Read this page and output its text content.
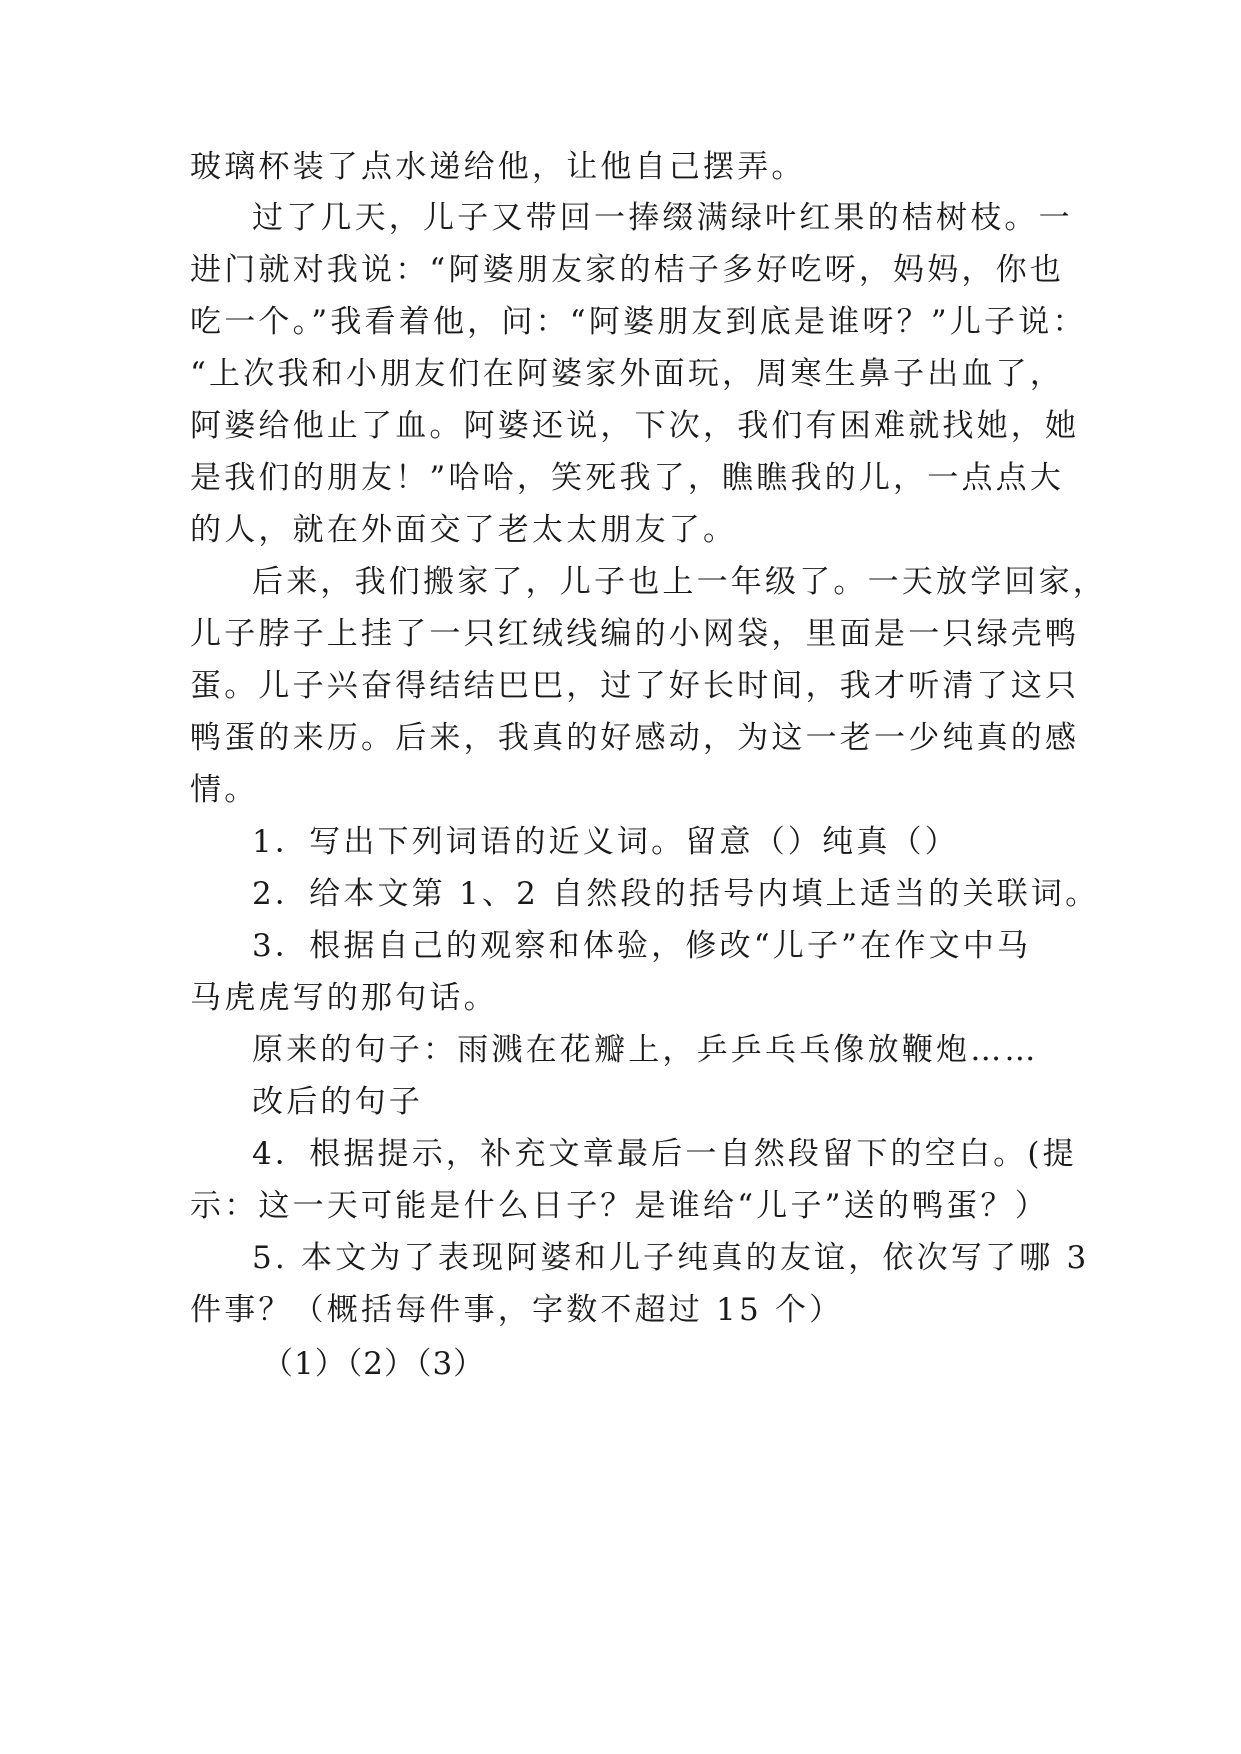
玻璃杯装了点水递给他，让他自己摆弄。
过了几天，儿子又带回一捧缀满绿叶红果的桔树枝。一
进门就对我说：“阿婆朋友家的桔子多好吃呀，妈妈，你也
吃一个。”我看着他，问：“阿婆朋友到底是谁呀？”儿子说：
“上次我和小朋友们在阿婆家外面玩，周寒生鼻子出血了，
阿婆给他止了血。阿婆还说，下次，我们有困难就找她，她
是我们的朋友！”哈哈，笑死我了，瞧瞧我的儿，一点点大
的人，就在外面交了老太太朋友了。
后来，我们搬家了，儿子也上一年级了。一天放学回家，
儿子脖子上挂了一只红绒线编的小网袋，里面是一只绿壳鸭
蛋。儿子兴奋得结结巴巴，过了好长时间，我才听清了这只
鸭蛋的来历。后来，我真的好感动，为这一老一少纯真的感
情。
1．写出下列词语的近义词。留意（）纯真（）
2．给本文第 1、2 自然段的括号内填上适当的关联词。
3．根据自己的观察和体验，修改“儿子”在作文中马
马虎虎写的那句话。
原来的句子：雨溅在花瓣上，乒乒乓乓像放鞭炮……
改后的句子
4．根据提示，补充文章最后一自然段留下的空白。(提
示：这一天可能是什么日子？是谁给“儿子”送的鸭蛋？）
5. 本文为了表现阿婆和儿子纯真的友谊，依次写了哪 3
件事？（概括每件事，字数不超过 15 个）
（1）（2）（3）
